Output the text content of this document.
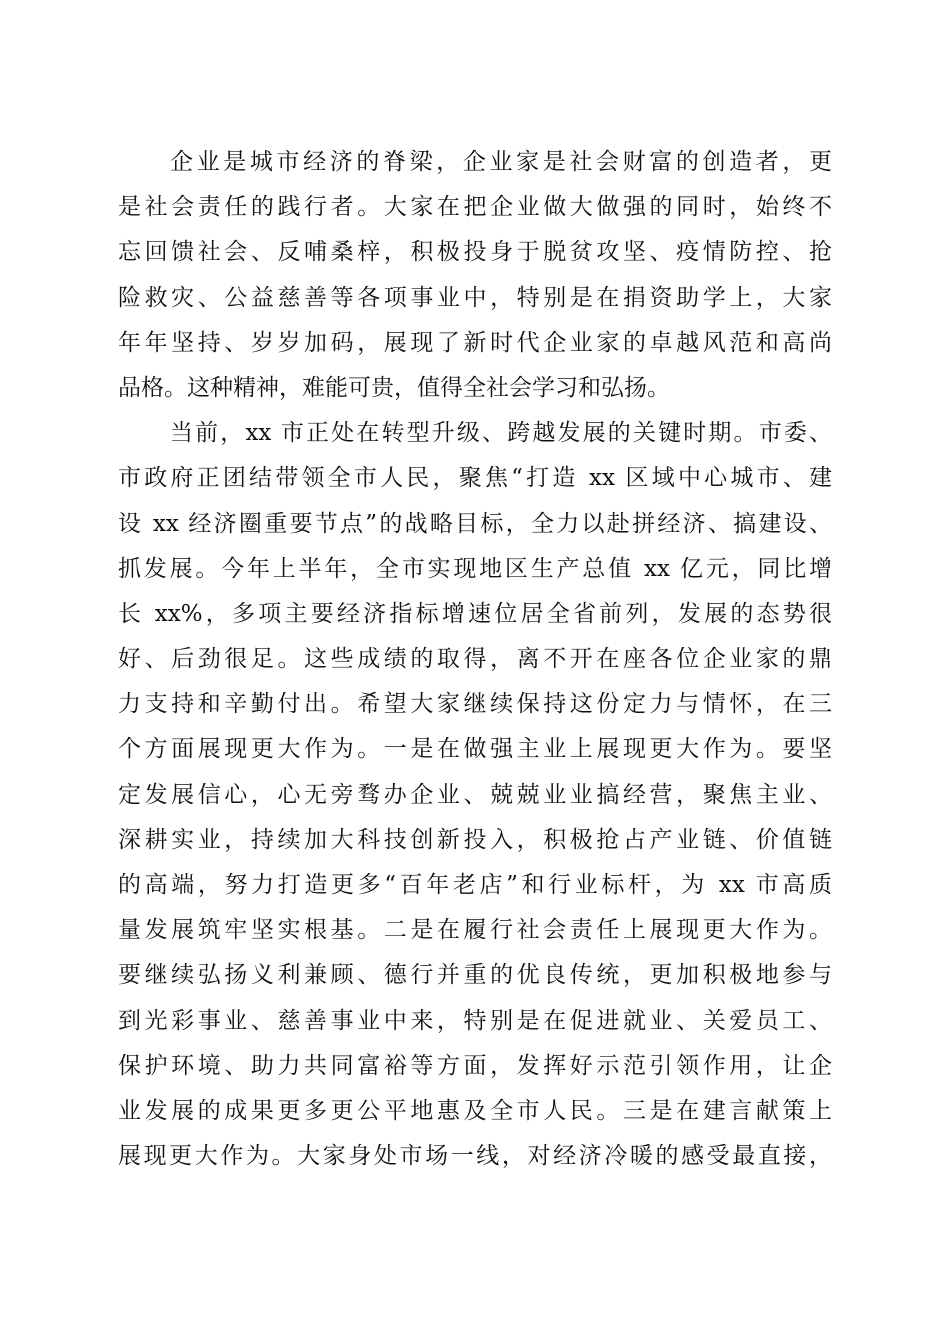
企业是城市经济的脊梁，企业家是社会财富的创造者，更
是社会责任的践行者。大家在把企业做大做强的同时，始终不
忘回馈社会、反哺桑梓，积极投身于脱贫攻坚、疫情防控、抢
险救灾、公益慈善等各项事业中，特别是在捐资助学上，大家
年年坚持、岁岁加码，展现了新时代企业家的卓越风范和高尚
品格。这种精神，难能可贵，值得全社会学习和弘扬。
当前，xx 市正处在转型升级、跨越发展的关键时期。市委、
市政府正团结带领全市人民，聚焦“打造 xx 区域中心城市、建
设 xx 经济圈重要节点”的战略目标，全力以赴拼经济、搞建设、
抓发展。今年上半年，全市实现地区生产总值 xx 亿元，同比增
长 xx%，多项主要经济指标增速位居全省前列，发展的态势很
好、后劲很足。这些成绩的取得，离不开在座各位企业家的鼎
力支持和辛勤付出。希望大家继续保持这份定力与情怀，在三
个方面展现更大作为。一是在做强主业上展现更大作为。要坚
定发展信心，心无旁骛办企业、兢兢业业搞经营，聚焦主业、
深耕实业，持续加大科技创新投入，积极抢占产业链、价值链
的高端，努力打造更多“百年老店”和行业标杆，为 xx 市高质
量发展筑牢坚实根基。二是在履行社会责任上展现更大作为。
要继续弘扬义利兼顾、德行并重的优良传统，更加积极地参与
到光彩事业、慈善事业中来，特别是在促进就业、关爱员工、
保护环境、助力共同富裕等方面，发挥好示范引领作用，让企
业发展的成果更多更公平地惠及全市人民。三是在建言献策上
展现更大作为。大家身处市场一线，对经济冷暖的感受最直接，
